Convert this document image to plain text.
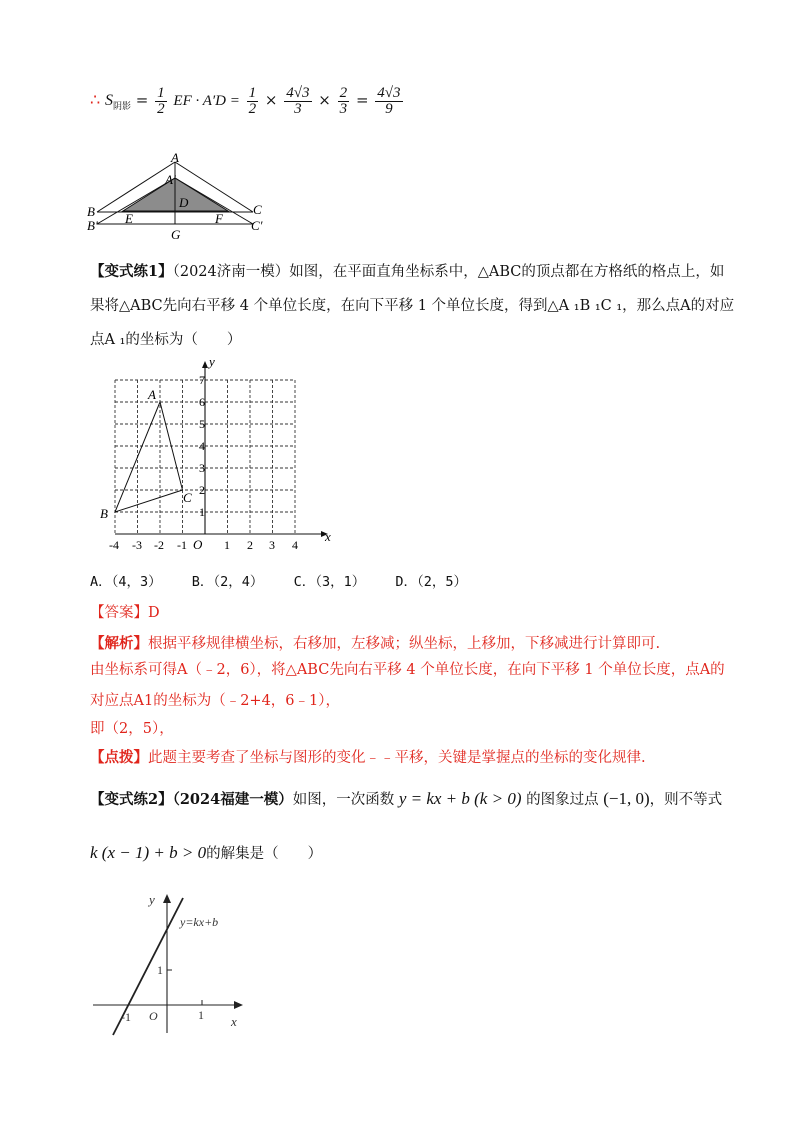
∴ $S_{阴影} = \frac{1}{2}$ EF · $A'D = \frac{1}{2} \times \frac{4√3}{3} \times \frac{2}{3} = \frac{4√3}{9}$
A
A′
D
B
B′ E
G
F
C
C′
【变式练1】（2024济南一模）如图，在平面直角坐标系中，△ABC的顶点都在方格纸的格点上，如
果将△ABC先向右平移 4 个单位长度，在向下平移 1 个单位长度，得到△A ₁B ₁C ₁，那么点A的对应
点A ₁的坐标为（　　）
x
y
O
-4 -3 -2 -1	1 2 3 4
1
2
3
4
5
6
7
A
B
C
A．（4，3） B．（2，4） C．（3，1） D．（2，5）
【答案】D
【解析】根据平移规律横坐标，右移加，左移减；纵坐标，上移加，下移减进行计算即可.
由坐标系可得A（﹣2，6），将△ABC先向右平移 4 个单位长度，在向下平移 1 个单位长度，点A的
对应点A1的坐标为（﹣2+4，6﹣1），
即（2，5），
【点拨】此题主要考查了坐标与图形的变化﹣﹣平移，关键是掌握点的坐标的变化规律.
【变式练2】（2024福建一模）如图，一次函数 y = kx + b (k > 0) 的图象过点 (−1, 0)，则不等式
k (x − 1) + b > 0的解集是（　　）
y
x
y=kx+b
-1 O	1
1
